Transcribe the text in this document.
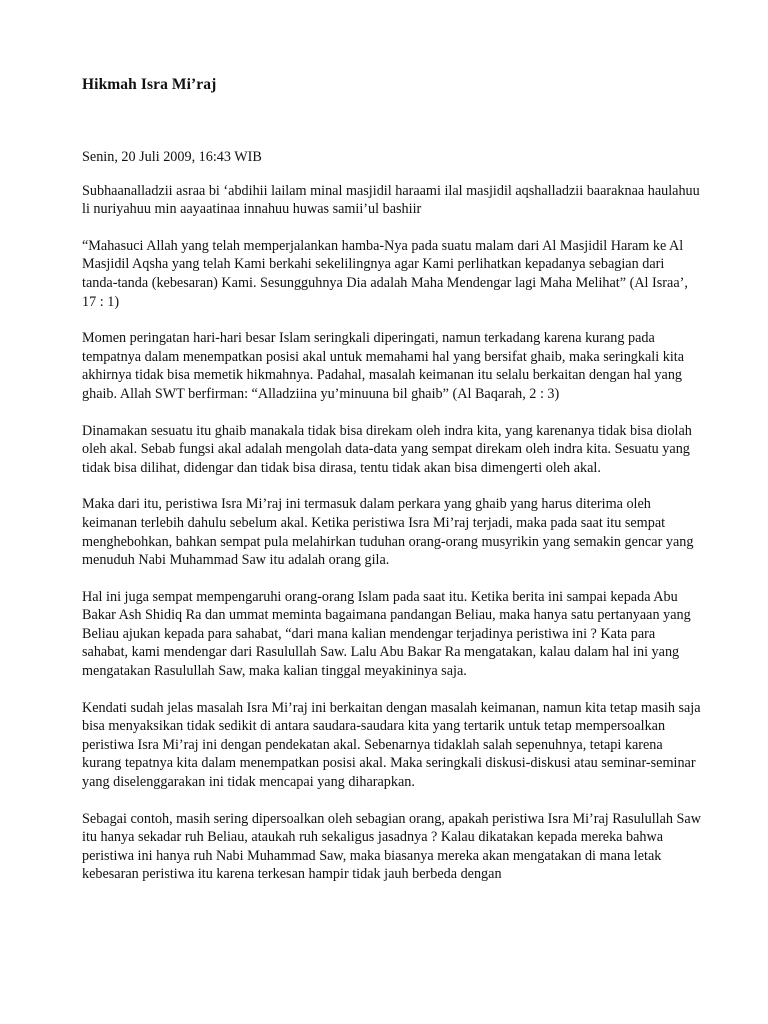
Hikmah Isra Mi’raj
Senin, 20 Juli 2009, 16:43 WIB

Subhaanalladzii asraa bi ‘abdihii lailam minal masjidil haraami ilal masjidil aqshalladzii baaraknaa haulahuu li nuriyahuu min aayaatinaa innahuu huwas samii’ul bashiir

“Mahasuci Allah yang telah memperjalankan hamba-Nya pada suatu malam dari Al Masjidil Haram ke Al Masjidil Aqsha yang telah Kami berkahi sekelilingnya agar Kami perlihatkan kepadanya sebagian dari tanda-tanda (kebesaran) Kami. Sesungguhnya Dia adalah Maha Mendengar lagi Maha Melihat” (Al Israa’, 17 : 1)

Momen peringatan hari-hari besar Islam seringkali diperingati, namun terkadang karena kurang pada tempatnya dalam menempatkan posisi akal untuk memahami hal yang bersifat ghaib, maka seringkali kita akhirnya tidak bisa memetik hikmahnya. Padahal, masalah keimanan itu selalu berkaitan dengan hal yang ghaib. Allah SWT berfirman: “Alladziina yu’minuuna bil ghaib” (Al Baqarah, 2 : 3)

Dinamakan sesuatu itu ghaib manakala tidak bisa direkam oleh indra kita, yang karenanya tidak bisa diolah oleh akal. Sebab fungsi akal adalah mengolah data-data yang sempat direkam oleh indra kita. Sesuatu yang tidak bisa dilihat, didengar dan tidak bisa dirasa, tentu tidak akan bisa dimengerti oleh akal.

Maka dari itu, peristiwa Isra Mi’raj ini termasuk dalam perkara yang ghaib yang harus diterima oleh keimanan terlebih dahulu sebelum akal. Ketika peristiwa Isra Mi’raj terjadi, maka pada saat itu sempat menghebohkan, bahkan sempat pula melahirkan tuduhan orang-orang musyrikin yang semakin gencar yang menuduh Nabi Muhammad Saw itu adalah orang gila.

Hal ini juga sempat mempengaruhi orang-orang Islam pada saat itu. Ketika berita ini sampai kepada Abu Bakar Ash Shidiq Ra dan ummat meminta bagaimana pandangan Beliau, maka hanya satu pertanyaan yang Beliau ajukan kepada para sahabat, “dari mana kalian mendengar terjadinya peristiwa ini ? Kata para sahabat, kami mendengar dari Rasulullah Saw. Lalu Abu Bakar Ra mengatakan, kalau dalam hal ini yang mengatakan Rasulullah Saw, maka kalian tinggal meyakininya saja.

Kendati sudah jelas masalah Isra Mi’raj ini berkaitan dengan masalah keimanan, namun kita tetap masih saja bisa menyaksikan tidak sedikit di antara saudara-saudara kita yang tertarik untuk tetap mempersoalkan peristiwa Isra Mi’raj ini dengan pendekatan akal. Sebenarnya tidaklah salah sepenuhnya, tetapi karena kurang tepatnya kita dalam menempatkan posisi akal. Maka seringkali diskusi-diskusi atau seminar-seminar yang diselenggarakan ini tidak mencapai yang diharapkan.

Sebagai contoh, masih sering dipersoalkan oleh sebagian orang, apakah peristiwa Isra Mi’raj Rasulullah Saw itu hanya sekadar ruh Beliau, ataukah ruh sekaligus jasadnya ? Kalau dikatakan kepada mereka bahwa peristiwa ini hanya ruh Nabi Muhammad Saw, maka biasanya mereka akan mengatakan di mana letak kebesaran peristiwa itu karena terkesan hampir tidak jauh berbeda dengan
